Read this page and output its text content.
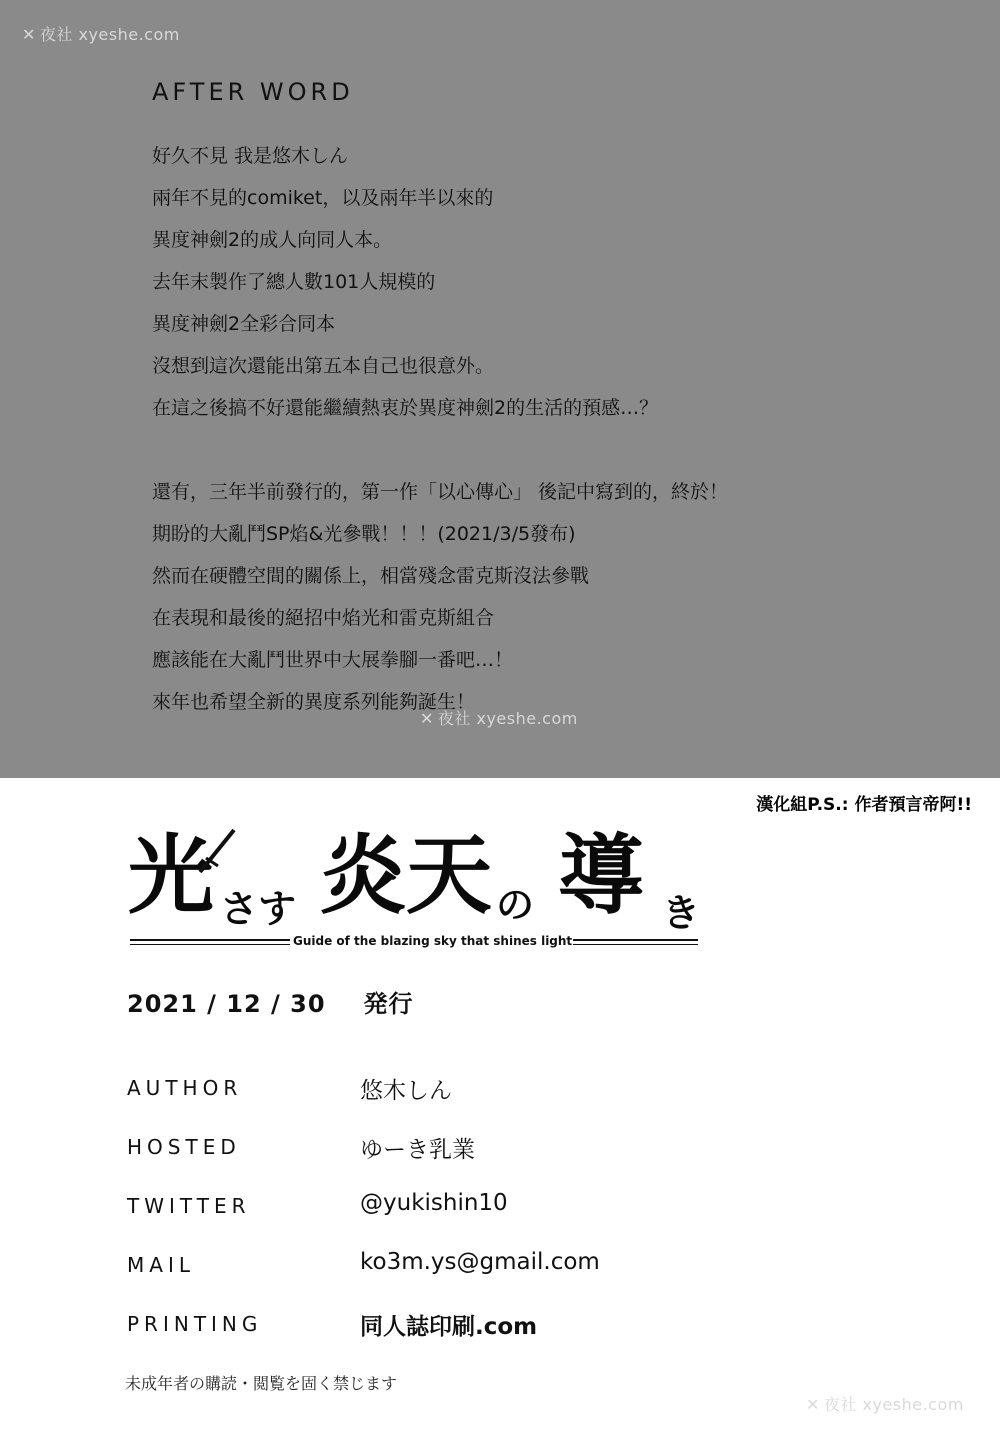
✕ 夜社 xyeshe.com
AFTER WORD
好久不見 我是悠木しん
兩年不見的comiket，以及兩年半以來的
異度神劍2的成人向同人本。
去年末製作了總人數101人規模的
異度神劍2全彩合同本
沒想到這次還能出第五本自己也很意外。
在這之後搞不好還能繼續熱衷於異度神劍2的生活的預感…？
還有，三年半前發行的，第一作「以心傳心」 後記中寫到的，終於！
期盼的大亂鬥SP焰&光參戰！！！(2021/3/5發布)
然而在硬體空間的關係上，相當殘念雷克斯沒法參戰
在表現和最後的絕招中焰光和雷克斯組合
應該能在大亂鬥世界中大展拳腳一番吧…！
來年也希望全新的異度系列能夠誕生！
✕ 夜社 xyeshe.com
漢化組P.S.: 作者預言帝阿!!
光 さす 炎天 の 導 き
Guide of the blazing sky that shines light
2021 / 12 / 30 発行
AUTHOR	悠木しん
HOSTED	ゆーき乳業
TWITTER	@yukishin10
MAIL	ko3m.ys@gmail.com
PRINTING	同人誌印刷.com
未成年者の購読・閲覧を固く禁じます
✕ 夜社 xyeshe.com
